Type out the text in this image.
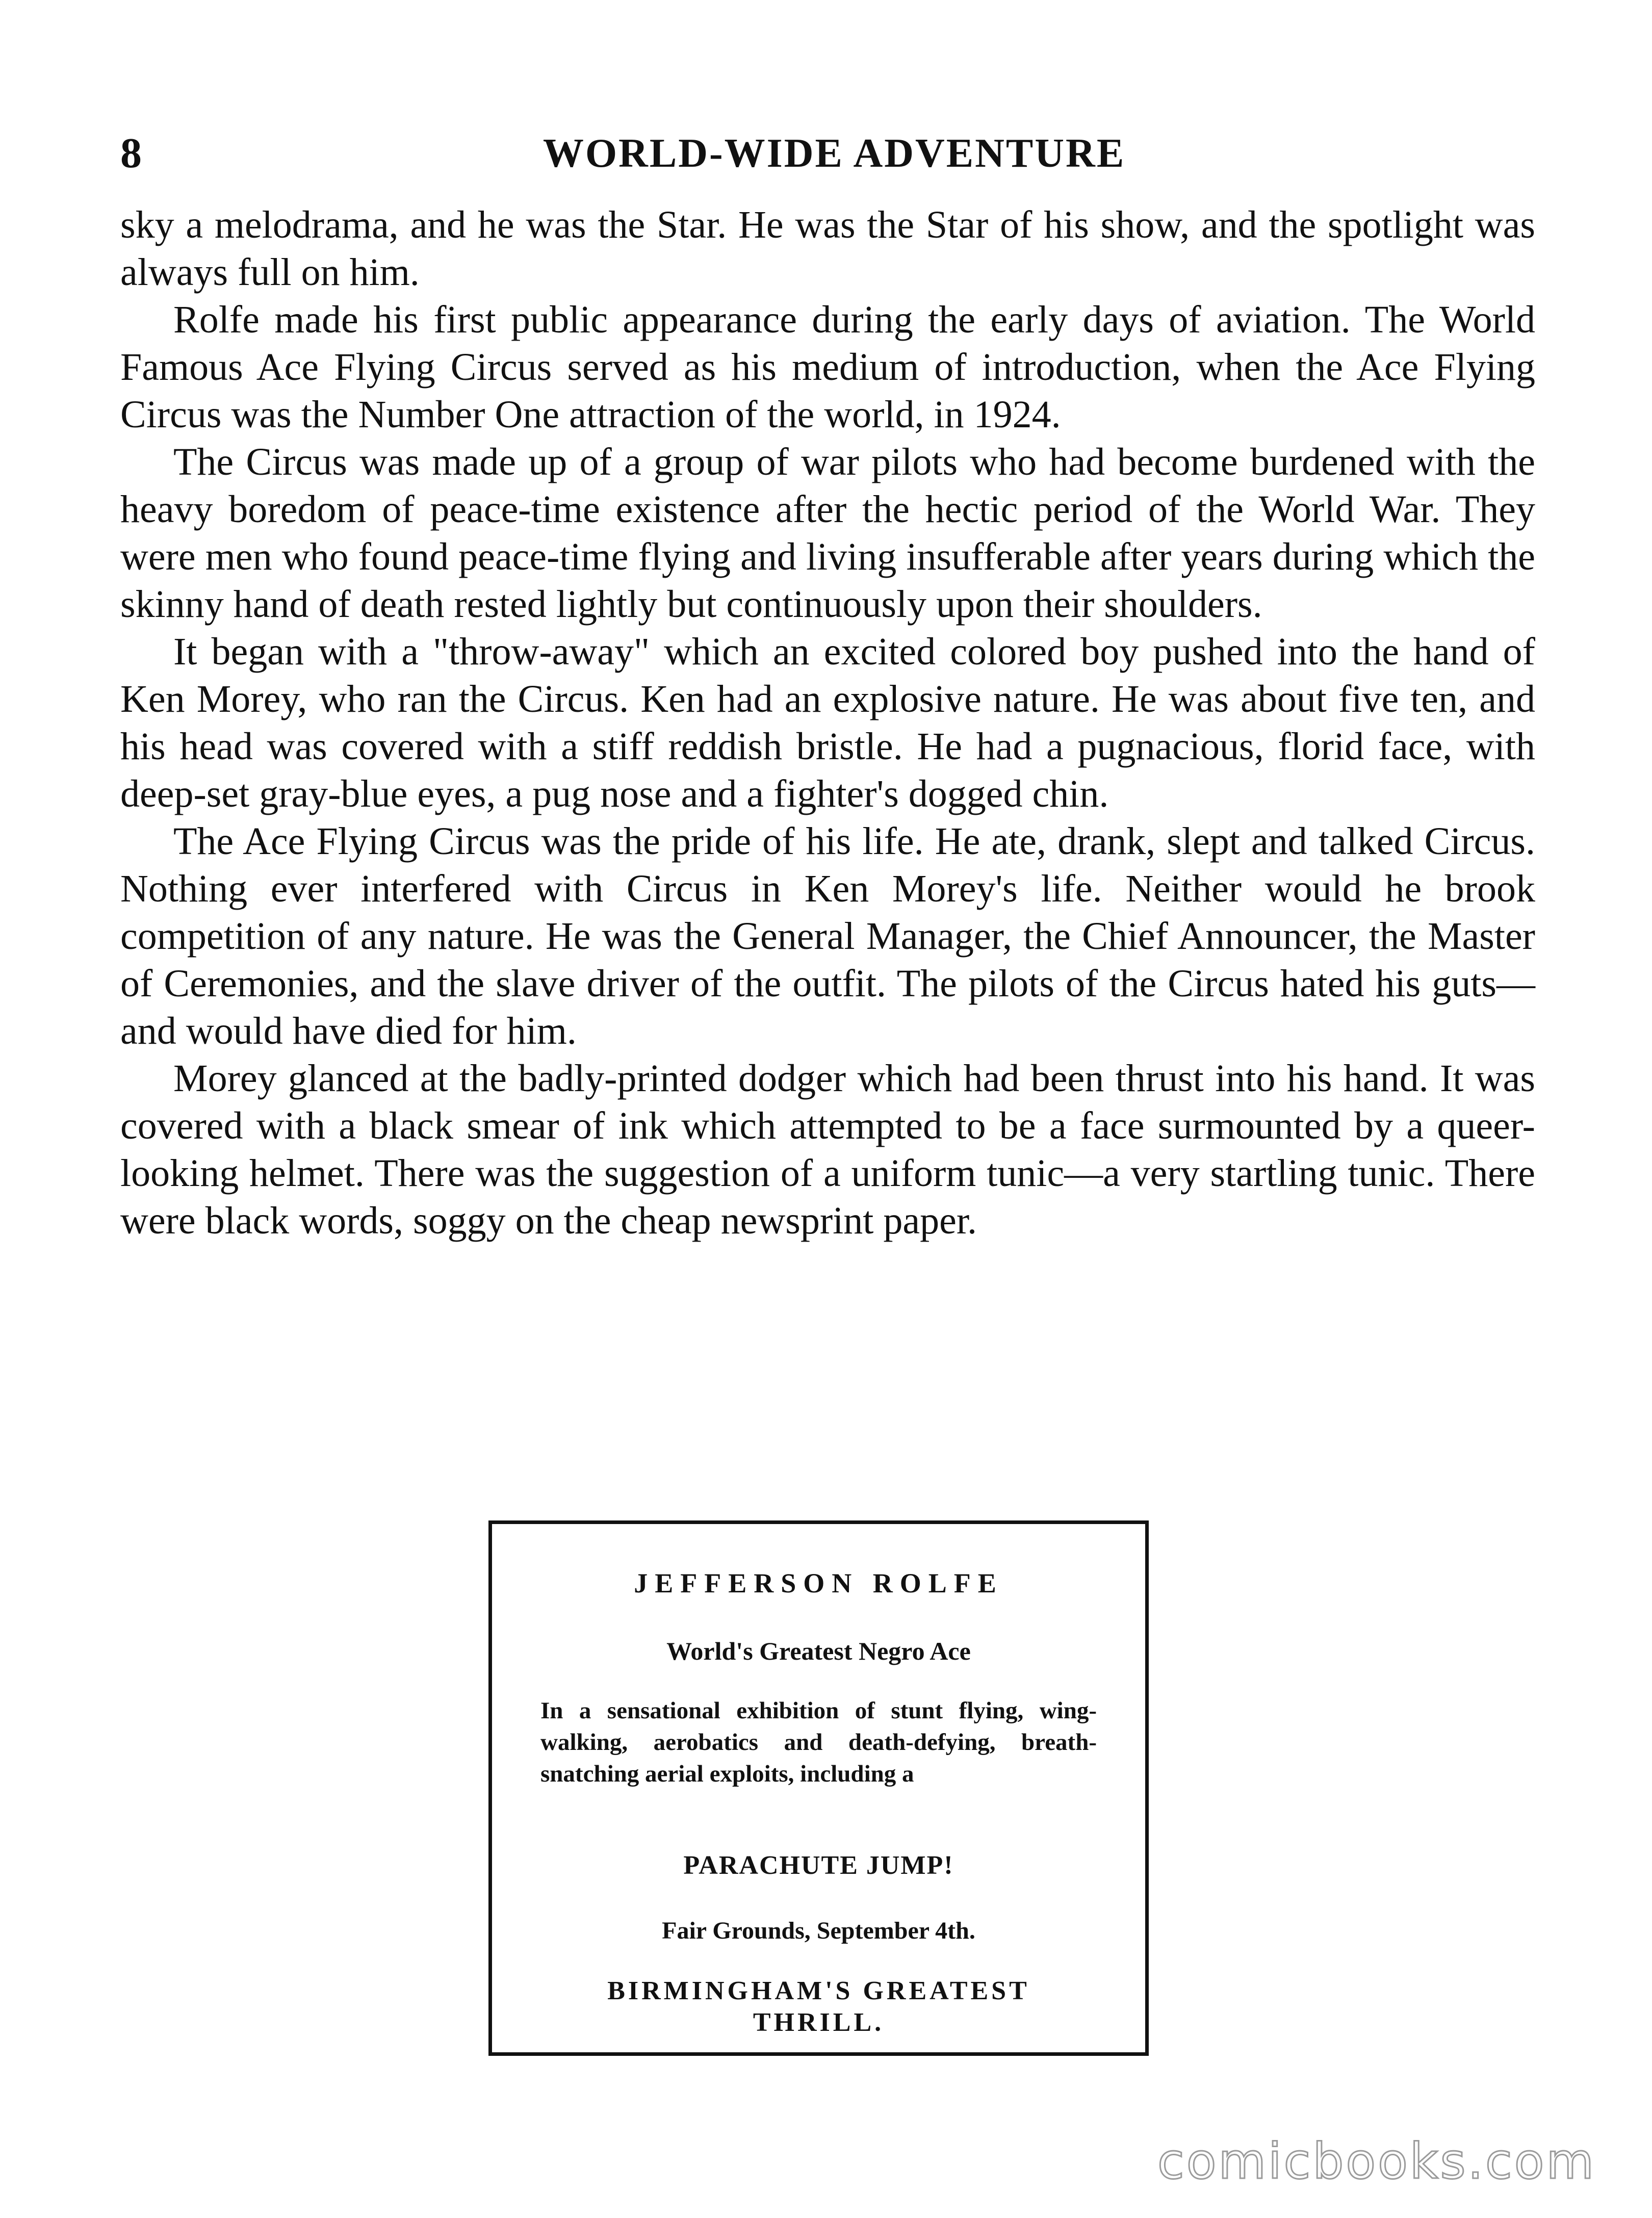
8	WORLD-WIDE ADVENTURE

sky a melodrama, and he was the Star. He was the Star of his show, and the spotlight was always full on him.

Rolfe made his first public appearance during the early days of aviation. The World Famous Ace Flying Circus served as his medium of introduction, when the Ace Flying Circus was the Number One attraction of the world, in 1924.

The Circus was made up of a group of war pilots who had become burdened with the heavy boredom of peace-time existence after the hectic period of the World War. They were men who found peace-time flying and living insufferable after years during which the skinny hand of death rested lightly but continuously upon their shoulders.

It began with a "throw-away" which an excited colored boy pushed into the hand of Ken Morey, who ran the Circus. Ken had an explosive nature. He was about five ten, and his head was covered with a stiff reddish bristle. He had a pugnacious, florid face, with deep-set gray-blue eyes, a pug nose and a fighter's dogged chin.

The Ace Flying Circus was the pride of his life. He ate, drank, slept and talked Circus. Nothing ever interfered with Circus in Ken Morey's life. Neither would he brook competition of any nature. He was the General Manager, the Chief Announcer, the Master of Ceremonies, and the slave driver of the outfit. The pilots of the Circus hated his guts—and would have died for him.

Morey glanced at the badly-printed dodger which had been thrust into his hand. It was covered with a black smear of ink which attempted to be a face surmounted by a queer-looking helmet. There was the suggestion of a uniform tunic—a very startling tunic. There were black words, soggy on the cheap newsprint paper.

JEFFERSON ROLFE
World's Greatest Negro Ace
In a sensational exhibition of stunt flying, wing-walking, aerobatics and death-defying, breath-snatching aerial exploits, including a
PARACHUTE JUMP!
Fair Grounds, September 4th.
BIRMINGHAM'S GREATEST THRILL.
comicbooks.com
